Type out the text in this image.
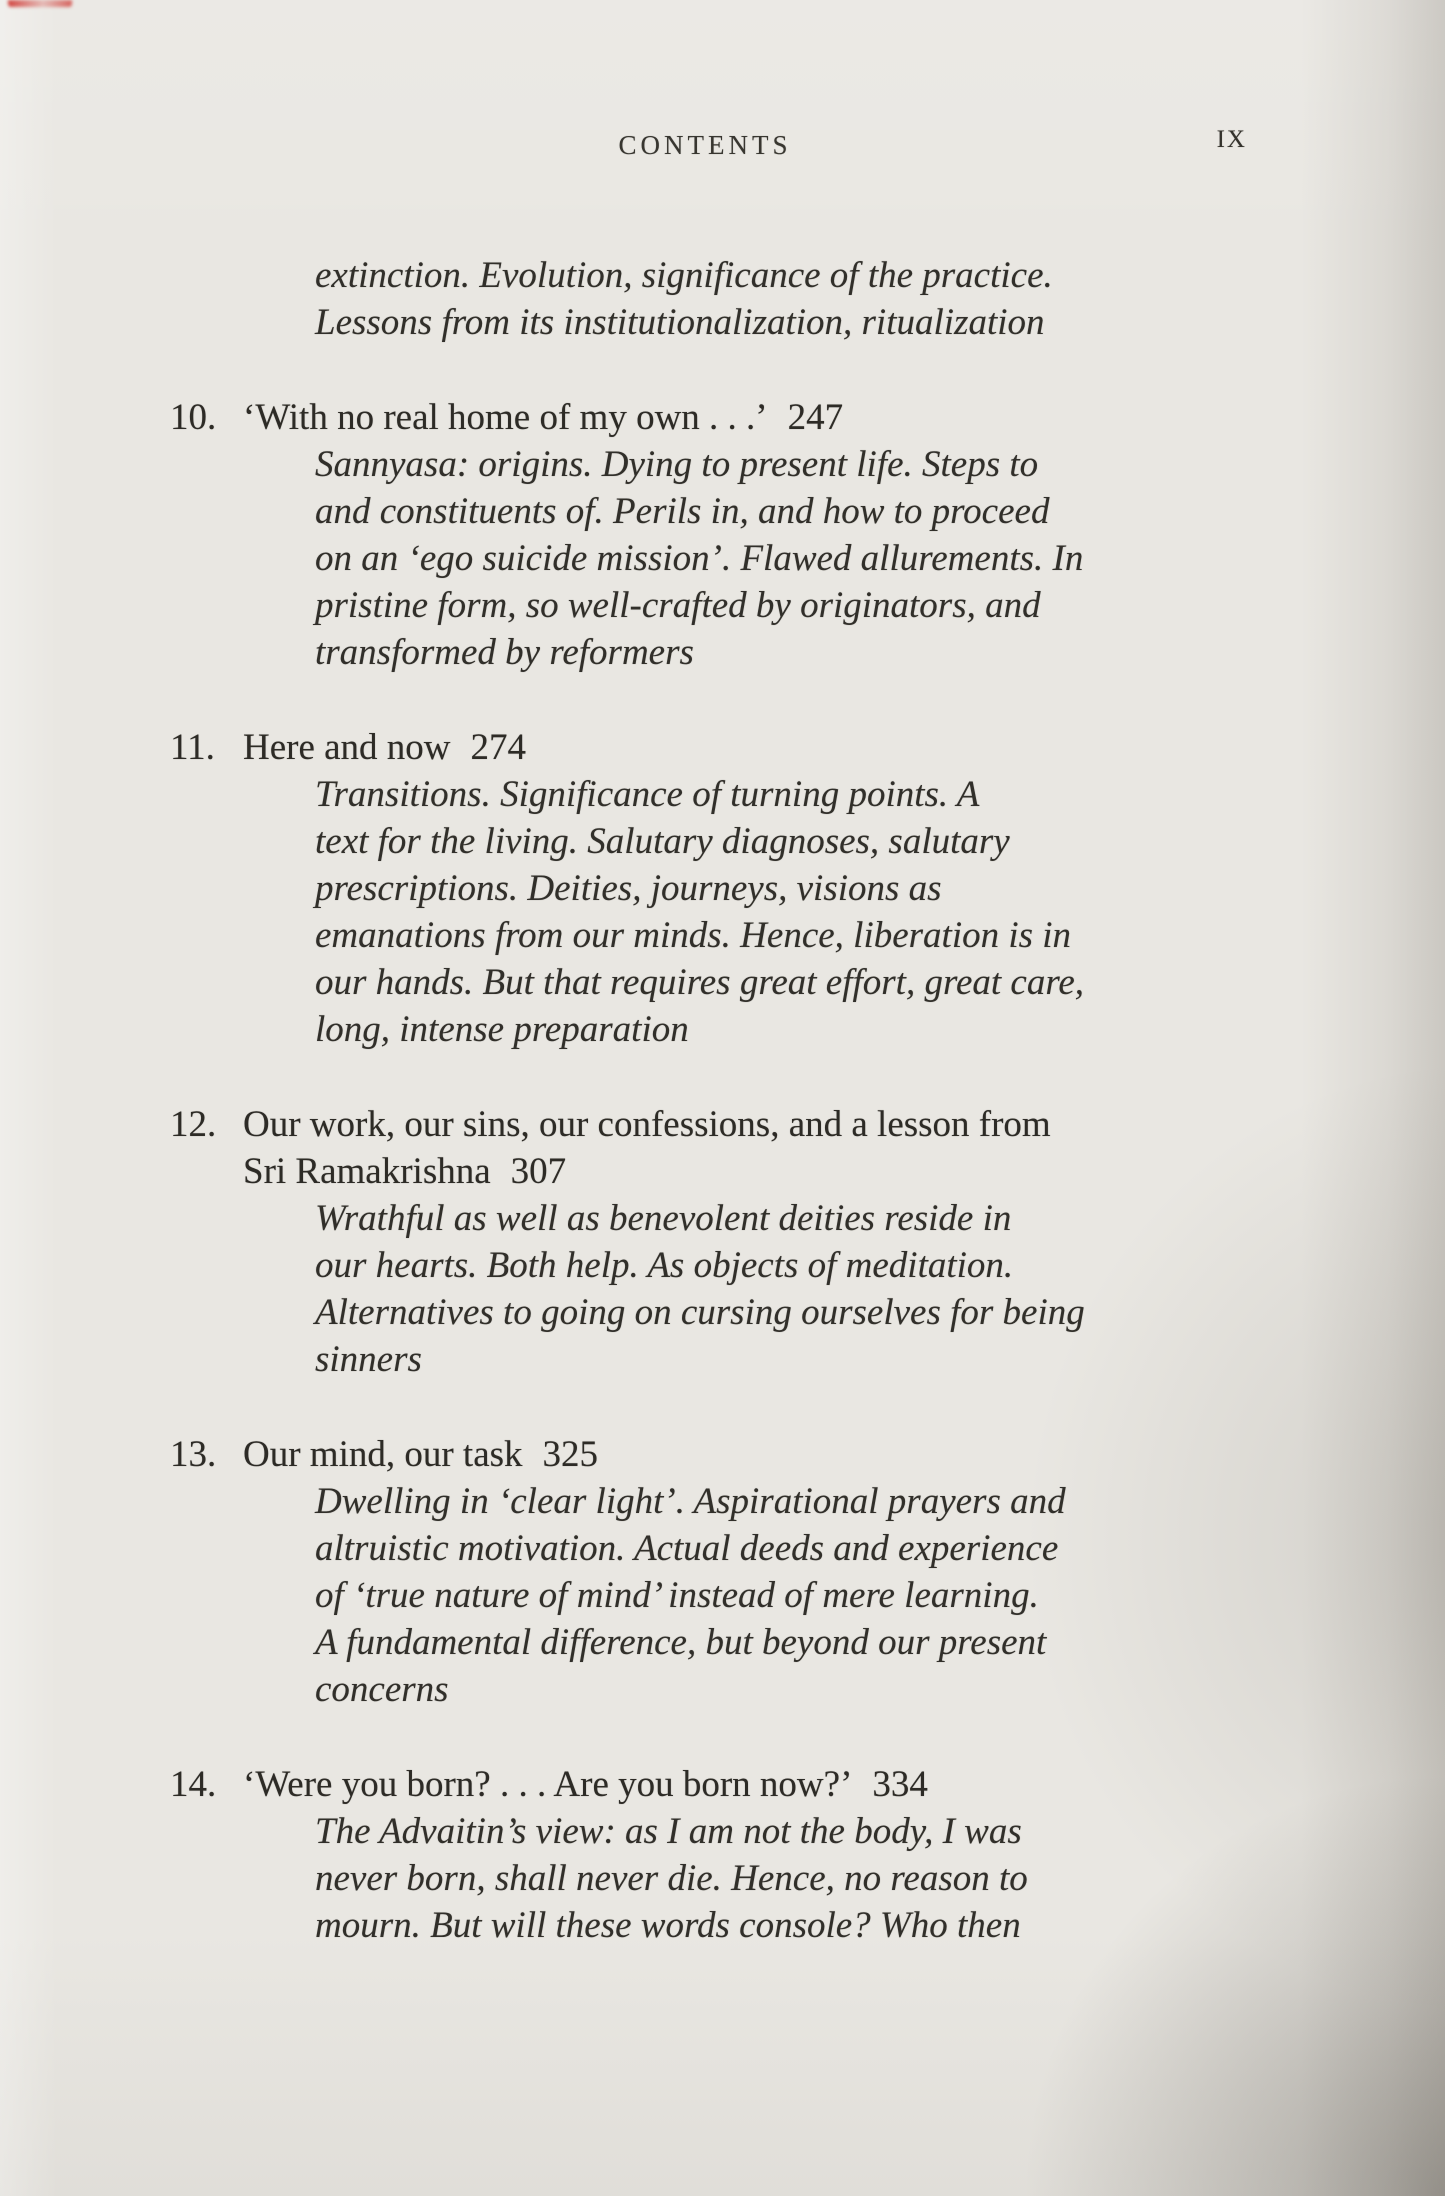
CONTENTS	IX
extinction. Evolution, significance of the practice.
Lessons from its institutionalization, ritualization
10. ‘With no real home of my own . . .’ 247
Sannyasa: origins. Dying to present life. Steps to
and constituents of. Perils in, and how to proceed
on an ‘ego suicide mission’. Flawed allurements. In
pristine form, so well-crafted by originators, and
transformed by reformers
11. Here and now 274
Transitions. Significance of turning points. A
text for the living. Salutary diagnoses, salutary
prescriptions. Deities, journeys, visions as
emanations from our minds. Hence, liberation is in
our hands. But that requires great effort, great care,
long, intense preparation
12. Our work, our sins, our confessions, and a lesson from
Sri Ramakrishna 307
Wrathful as well as benevolent deities reside in
our hearts. Both help. As objects of meditation.
Alternatives to going on cursing ourselves for being
sinners
13. Our mind, our task 325
Dwelling in ‘clear light’. Aspirational prayers and
altruistic motivation. Actual deeds and experience
of ‘true nature of mind’ instead of mere learning.
A fundamental difference, but beyond our present
concerns
14. ‘Were you born? . . . Are you born now?’ 334
The Advaitin’s view: as I am not the body, I was
never born, shall never die. Hence, no reason to
mourn. But will these words console? Who then
